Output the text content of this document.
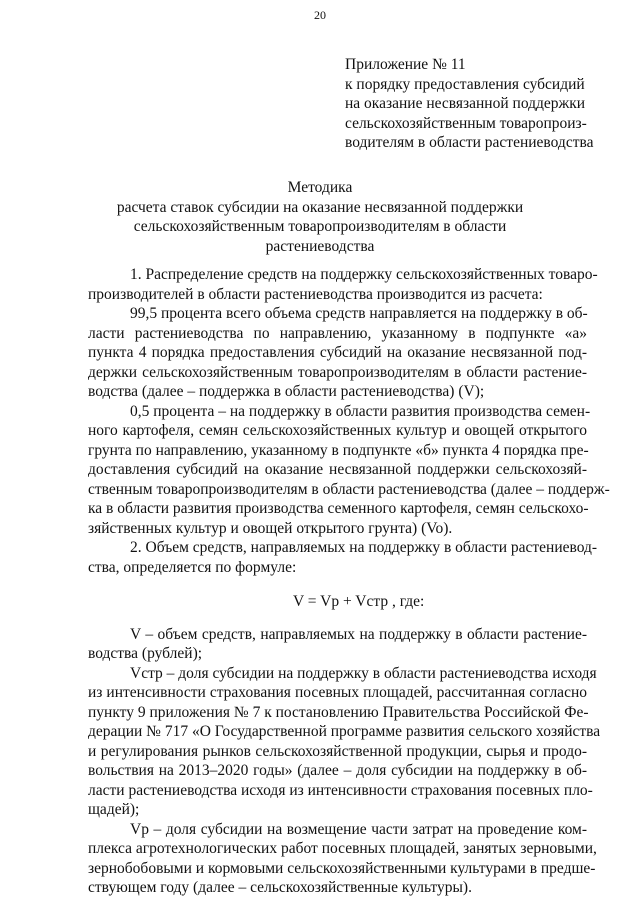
20
Приложение № 11
к порядку предоставления субсидий
на оказание несвязанной поддержки
сельскохозяйственным товаропроиз-
водителям в области растениеводства
Методика
расчета ставок субсидии на оказание несвязанной поддержки
сельскохозяйственным товаропроизводителям в области
растениеводства
1. Распределение средств на поддержку сельскохозяйственных товаро-
производителей в области растениеводства производится из расчета:
99,5 процента всего объема средств направляется на поддержку в об-
ласти растениеводства по направлению, указанному в подпункте «а»
пункта 4 порядка предоставления субсидий на оказание несвязанной под-
держки сельскохозяйственным товаропроизводителям в области растение-
водства (далее – поддержка в области растениеводства) (V);
0,5 процента – на поддержку в области развития производства семен-
ного картофеля, семян сельскохозяйственных культур и овощей открытого
грунта по направлению, указанному в подпункте «б» пункта 4 порядка пре-
доставления субсидий на оказание несвязанной поддержки сельскохозяй-
ственным товаропроизводителям в области растениеводства (далее – поддерж-
ка в области развития производства семенного картофеля, семян сельскохо-
зяйственных культур и овощей открытого грунта) (Vo).
2. Объем средств, направляемых на поддержку в области растениевод-
ства, определяется по формуле:
V = Vp + Vстр , где:
V – объем средств, направляемых на поддержку в области растение-
водства (рублей);
Vстр – доля субсидии на поддержку в области растениеводства исходя
из интенсивности страхования посевных площадей, рассчитанная согласно
пункту 9 приложения № 7 к постановлению Правительства Российской Фе-
дерации № 717 «О Государственной программе развития сельского хозяйства
и регулирования рынков сельскохозяйственной продукции, сырья и продо-
вольствия на 2013–2020 годы» (далее – доля субсидии на поддержку в об-
ласти растениеводства исходя из интенсивности страхования посевных пло-
щадей);
Vp – доля субсидии на возмещение части затрат на проведение ком-
плекса агротехнологических работ посевных площадей, занятых зерновыми,
зернобобовыми и кормовыми сельскохозяйственными культурами в предше-
ствующем году (далее – сельскохозяйственные культуры).
